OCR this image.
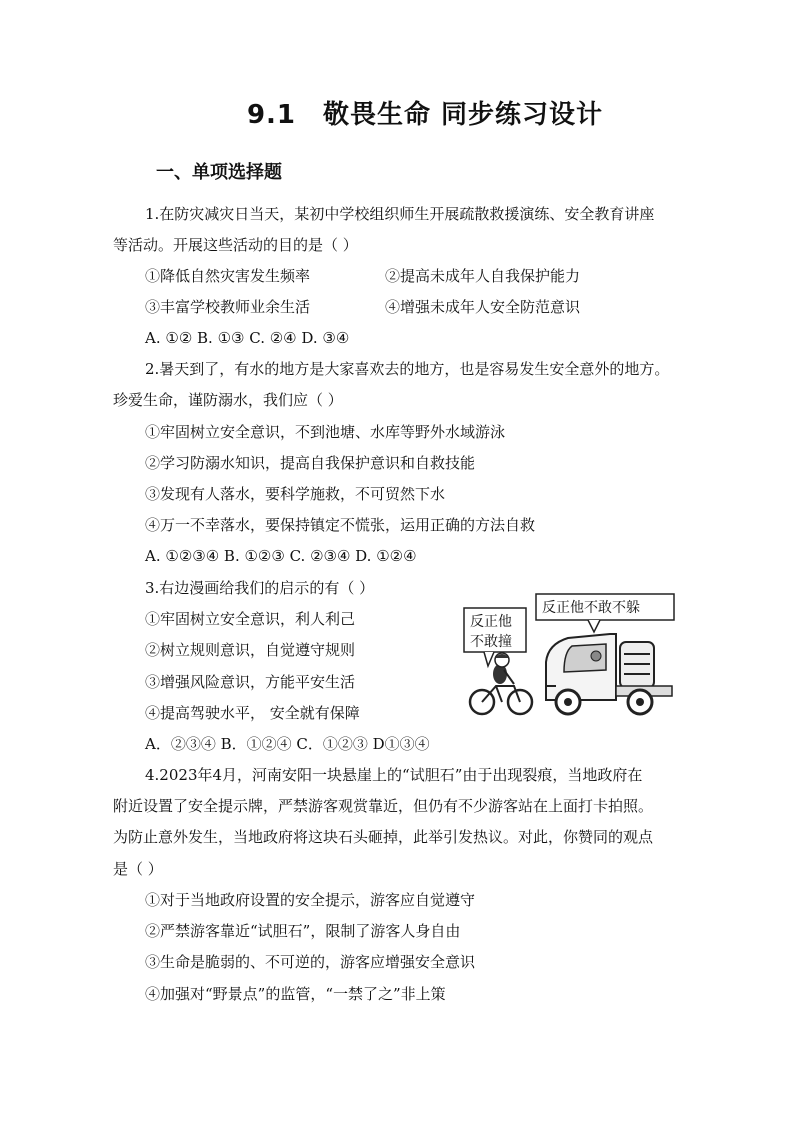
9.1　敬畏生命 同步练习设计
一、单项选择题
1.在防灾减灾日当天，某初中学校组织师生开展疏散救援演练、安全教育讲座
等活动。开展这些活动的目的是（ ）
①降低自然灾害发生频率	②提高未成年人自我保护能力
③丰富学校教师业余生活	④增强未成年人安全防范意识
A. ①② B. ①③ C. ②④ D. ③④
2.暑天到了，有水的地方是大家喜欢去的地方，也是容易发生安全意外的地方。
珍爱生命，谨防溺水，我们应（ ）
①牢固树立安全意识，不到池塘、水库等野外水域游泳
②学习防溺水知识，提高自我保护意识和自救技能
③发现有人落水，要科学施救，不可贸然下水
④万一不幸落水，要保持镇定不慌张，运用正确的方法自救
A. ①②③④ B. ①②③ C. ②③④ D. ①②④
3.右边漫画给我们的启示的有（ ）
①牢固树立安全意识，利人利己
②树立规则意识，自觉遵守规则
③增强风险意识，方能平安生活
④提高驾驶水平， 安全就有保障
A．②③④ B．①②④ C．①②③ D①③④
反正他
不敢撞
反正他不敢不躲
4.2023年4月，河南安阳一块悬崖上的“试胆石”由于出现裂痕，当地政府在
附近设置了安全提示牌，严禁游客观赏靠近，但仍有不少游客站在上面打卡拍照。
为防止意外发生，当地政府将这块石头砸掉，此举引发热议。对此，你赞同的观点
是（ ）
①对于当地政府设置的安全提示，游客应自觉遵守
②严禁游客靠近“试胆石”，限制了游客人身自由
③生命是脆弱的、不可逆的，游客应增强安全意识
④加强对“野景点”的监管，“一禁了之”非上策
